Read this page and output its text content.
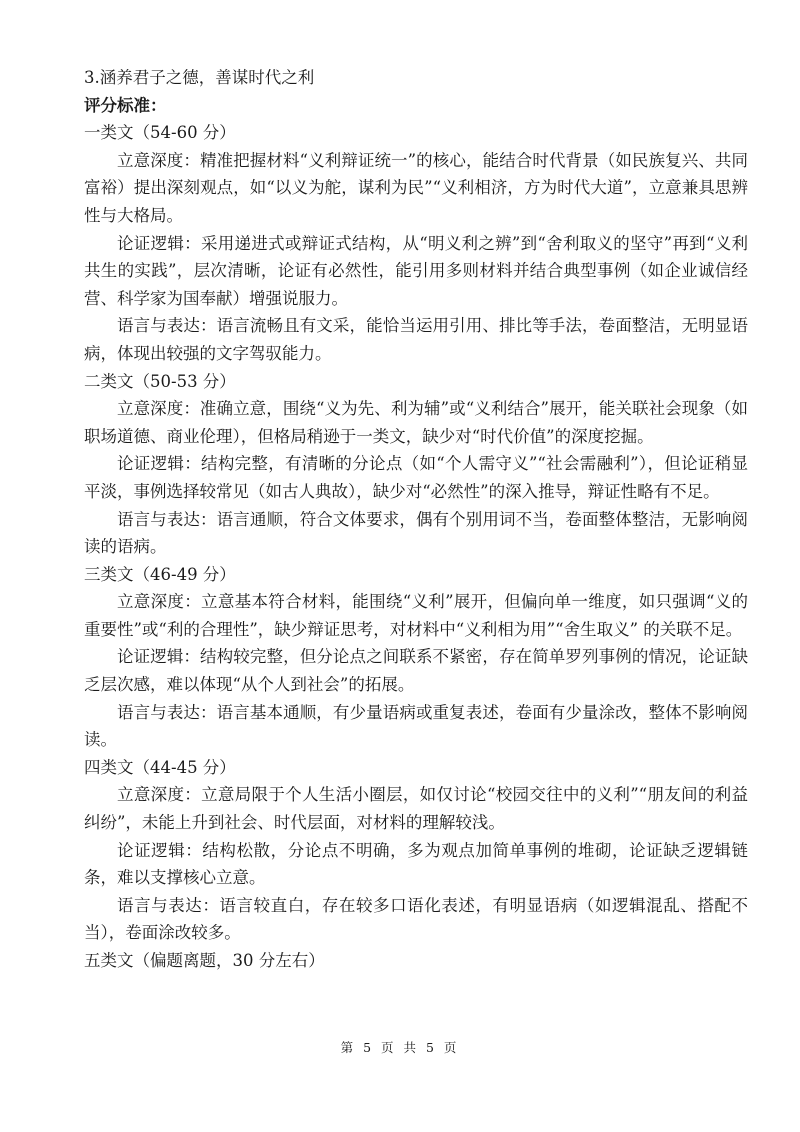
3.涵养君子之德，善谋时代之利

评分标准：

一类文（54-60 分）

立意深度：精准把握材料“义利辩证统一”的核心，能结合时代背景（如民族复兴、共同富裕）提出深刻观点，如“以义为舵，谋利为民”“义利相济，方为时代大道”，立意兼具思辨性与大格局。

论证逻辑：采用递进式或辩证式结构，从“明义利之辨”到“舍利取义的坚守”再到“义利共生的实践”，层次清晰，论证有必然性，能引用多则材料并结合典型事例（如企业诚信经营、科学家为国奉献）增强说服力。

语言与表达：语言流畅且有文采，能恰当运用引用、排比等手法，卷面整洁，无明显语病，体现出较强的文字驾驭能力。

二类文（50-53 分）

立意深度：准确立意，围绕“义为先、利为辅”或“义利结合”展开，能关联社会现象（如职场道德、商业伦理），但格局稍逊于一类文，缺少对“时代价值”的深度挖掘。

论证逻辑：结构完整，有清晰的分论点（如“个人需守义”“社会需融利”），但论证稍显平淡，事例选择较常见（如古人典故），缺少对“必然性”的深入推导，辩证性略有不足。

语言与表达：语言通顺，符合文体要求，偶有个别用词不当，卷面整体整洁，无影响阅读的语病。

三类文（46-49 分）

立意深度：立意基本符合材料，能围绕“义利”展开，但偏向单一维度，如只强调“义的重要性”或“利的合理性”，缺少辩证思考，对材料中“义利相为用”“舍生取义” 的关联不足。

论证逻辑：结构较完整，但分论点之间联系不紧密，存在简单罗列事例的情况，论证缺乏层次感，难以体现“从个人到社会”的拓展。

语言与表达：语言基本通顺，有少量语病或重复表述，卷面有少量涂改，整体不影响阅读。

四类文（44-45 分）

立意深度：立意局限于个人生活小圈层，如仅讨论“校园交往中的义利”“朋友间的利益纠纷”，未能上升到社会、时代层面，对材料的理解较浅。

论证逻辑：结构松散，分论点不明确，多为观点加简单事例的堆砌，论证缺乏逻辑链条，难以支撑核心立意。

语言与表达：语言较直白，存在较多口语化表述，有明显语病（如逻辑混乱、搭配不当），卷面涂改较多。

五类文（偏题离题，30 分左右）

第 5 页 共 5 页
